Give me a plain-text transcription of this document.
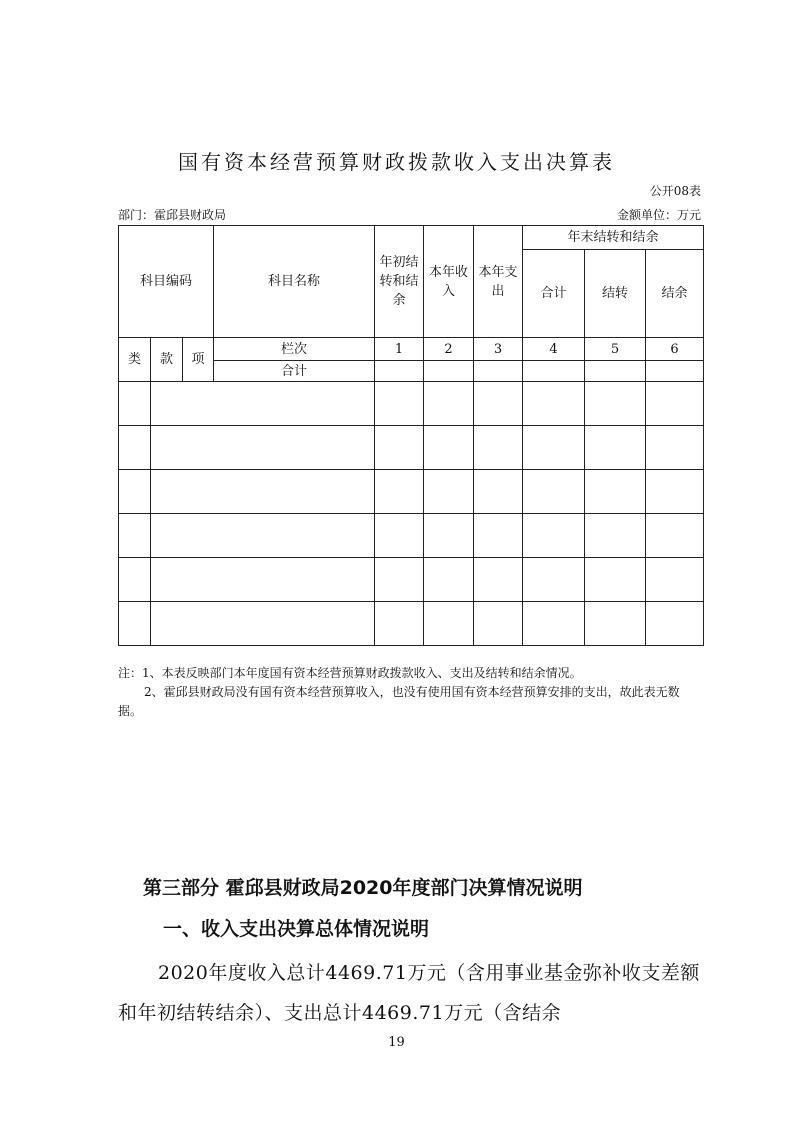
国有资本经营预算财政拨款收入支出决算表
公开08表
部门：霍邱县财政局	金额单位：万元
科目编码			科目名称	年初结转和结余	本年收入	本年支出	年末结转和结余		
							合计	结转	结余
类	款	项	栏次	1	2	3	4	5	6
			合计						

注：1、本表反映部门本年度国有资本经营预算财政拨款收入、支出及结转和结余情况。

2、霍邱县财政局没有国有资本经营预算收入，也没有使用国有资本经营预算安排的支出，故此表无数据。

第三部分 霍邱县财政局2020年度部门决算情况说明
一、收入支出决算总体情况说明
2020年度收入总计4469.71万元（含用事业基金弥补收支差额和年初结转结余）、支出总计4469.71万元（含结余
19
